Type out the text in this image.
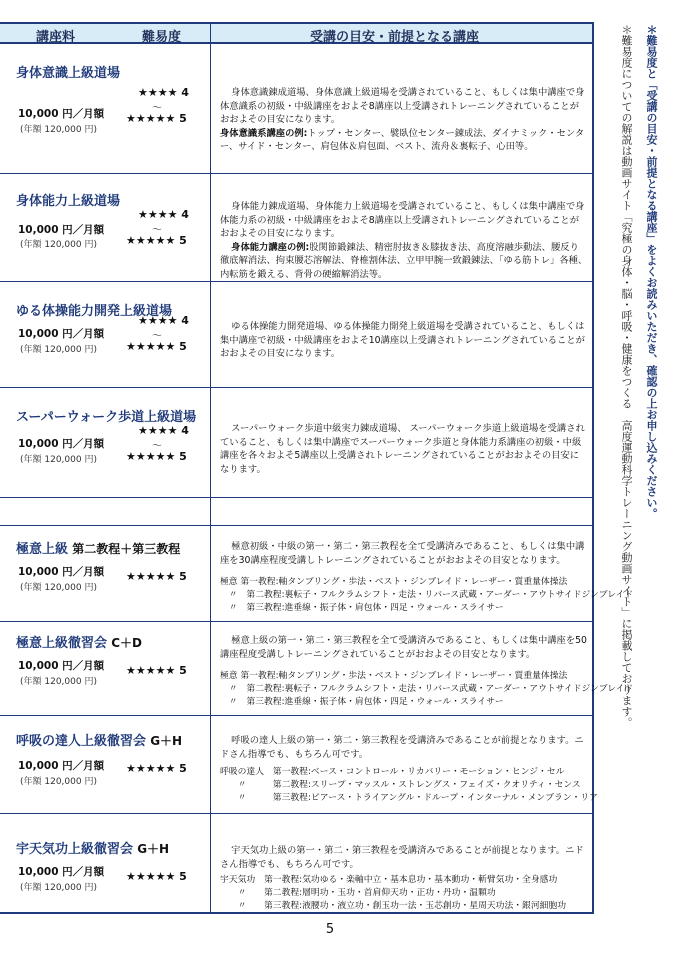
講座料	難易度	受講の目安・前提となる講座
身体意識上級道場
★★★★ 4
〜
10,000 円／月額 ★★★★★ 5
(年額 120,000 円)

身体意識錬成道場、身体意識上級道場を受講されていること、もしくは集中講座で身体意識系の初級・中級講座をおよそ8講座以上受講されトレーニングされていることがおおよその目安になります。

身体意識系講座の例:トップ・センター、襞臥位センター錬成法、ダイナミック・センター、サイド・センター、肩包体＆肩包面、ベスト、流舟＆裏転子、心田等。

身体能力上級道場
★★★★ 4
〜
10,000 円／月額
★★★★★ 5
(年額 120,000 円)

身体能力錬成道場、身体能力上級道場を受講されていること、もしくは集中講座で身体能力系の初級・中級講座をおよそ8講座以上受講されトレーニングされていることがおおよその目安になります。

身体能力講座の例:股関節鍛錬法、精密肘抜き＆膝抜き法、高度溶融歩動法、腰反り徹底解消法、拘束腰芯溶解法、脊椎割体法、立甲甲腕一致鍛錬法、「ゆる筋トレ」各種、内転筋を鍛える、背骨の硬縮解消法等。

ゆる体操能力開発上級道場
★★★★ 4
〜
10,000 円／月額
★★★★★ 5
(年額 120,000 円)

ゆる体操能力開発道場、ゆる体操能力開発上級道場を受講されていること、もしくは集中講座で初級・中級講座をおよそ10講座以上受講されトレーニングされていることがおおよその目安になります。

スーパーウォーク歩道上級道場
★★★★ 4
〜
10,000 円／月額
★★★★★ 5
(年額 120,000 円)

スーパーウォーク歩道中級実力錬成道場、 スーパーウォーク歩道上級道場を受講されていること、もしくは集中講座でスーパーウォーク歩道と身体能力系講座の初級・中級講座を各々およそ5講座以上受講されトレーニングされていることがおおよその目安になります。

極意上級 第二教程＋第三教程
10,000 円／月額 ★★★★★ 5
(年額 120,000 円)

極意初級・中級の第一・第二・第三教程を全て受講済みであること、もしくは集中講座を30講座程度受講しトレーニングされていることがおおよその目安となります。

極意 第一教程:軸タンブリング・歩法・ベスト・ジンブレイド・レーザー・質重量体操法
　〃　第二教程:裏転子・フルクラムシフト・走法・リバース武蔵・アーダー・アウトサイドジンブレイド
　〃　第三教程:進垂線・振子体・肩包体・四足・ウォール・スライサー
極意上級徹習会 C＋D
10,000 円／月額 ★★★★★ 5
(年額 120,000 円)

極意上級の第一・第二・第三教程を全て受講済みであること、もしくは集中講座を50講座程度受講しトレーニングされていることがおおよその目安となります。

極意 第一教程:軸タンブリング・歩法・ベスト・ジンブレイド・レーザー・質重量体操法
　〃　第二教程:裏転子・フルクラムシフト・走法・リバース武蔵・アーダー・アウトサイドジンブレイド
　〃　第三教程:進垂線・振子体・肩包体・四足・ウォール・スライサー
呼吸の達人上級徹習会 G＋H
10,000 円／月額 ★★★★★ 5
(年額 120,000 円)

呼吸の達人上級の第一・第二・第三教程を受講済みであることが前提となります。ニドさん指導でも、もちろん可です。

呼吸の達人　第一教程:ベース・コントロール・リカバリー・モーション・ヒンジ・セル
　　〃　　　第二教程:スリープ・マッスル・ストレングス・フェイズ・クオリティ・センス
　　〃　　　第三教程:ピアース・トライアングル・ドループ・インターナル・メンブラン・リア
宇天気功上級徹習会 G＋H
10,000 円／月額 ★★★★★ 5
(年額 120,000 円)

宇天気功上級の第一・第二・第三教程を受講済みであることが前提となります。ニドさん指導でも、もちろん可です。

宇天気功　第一教程:気功ゆる・楽軸中立・基本息功・基本動功・斬臂気功・全身感功
　　〃　　第二教程:層明功・玉功・首肩仰天功・正功・丹功・温顆功
　　〃　　第三教程:液腰功・液立功・創玉功一法・玉芯創功・星周天功法・銀河細胞功
＊難易度と「受講の目安・前提となる講座」をよくお読みいただき、確認の上お申し込みください。
＊難易度についての解説は動画サイト「究極の身体・脳・呼吸・健康をつくる　高度運動科学トレーニング動画サイト」に掲載しております。
5
